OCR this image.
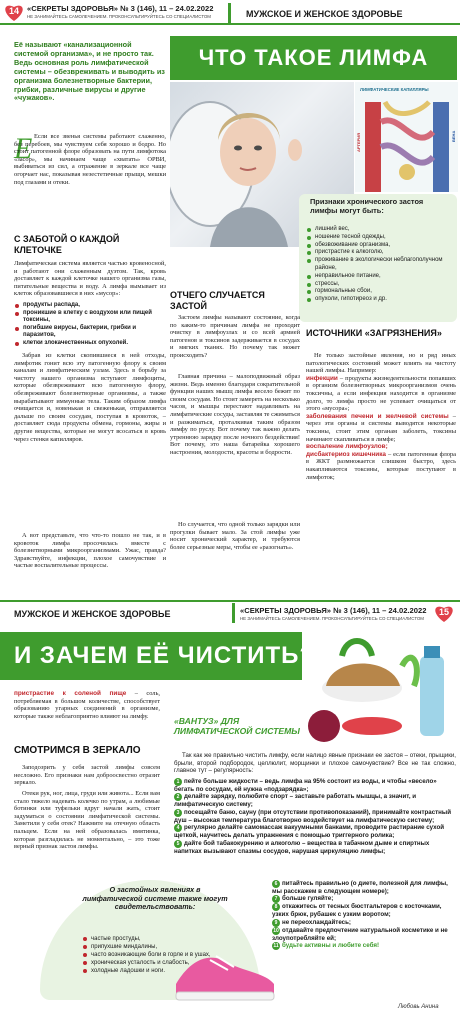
14	«СЕКРЕТЫ ЗДОРОВЬЯ» № 3 (146), 11 – 24.02.2022
НЕ ЗАНИМАЙТЕСЬ САМОЛЕЧЕНИЕМ. ПРОКОНСУЛЬТИРУЙТЕСЬ СО СПЕЦИАЛИСТОМ	МУЖСКОЕ И ЖЕНСКОЕ ЗДОРОВЬЕ
Её называют «канализационной системой организма», и не просто так. Ведь основная роль лимфатической системы – обезвреживать и выводить из организма болезнетворные бактерии, грибки, различные вирусы и другие «чужаков».
ЧТО ТАКОЕ ЛИМФА
ЛИМФАТИЧЕСКИЕ КАПИЛЛЯРЫ
АРТЕРИЯ	ВЕНА
Признаки хронического застоя лимфы могут быть:
лишний вес,
ношение тесной одежды,
обезвоживание организма,
пристрастие к алкоголю,
проживание в экологически неблагополучном районе,
неправильное питание,
стрессы,
гормональные сбои,
опухоли, гипотиреоз и др.
Е Если все звенья системы работают слаженно, без перебоев, мы чувствуем себя хорошо и бодро. Но стоит патогенной флоре образовать на пути лимфотока «засор», мы начинаем чаще «хватать» ОРВИ, выбиваться из сил, а отражение в зеркале все чаще огорчает нас, показывая незестетичные прыщи, мешки под глазами и отеки.
С ЗАБОТОЙ О КАЖДОЙ КЛЕТОЧКЕ
Лимфатическая система является частью кровеносной, и работают они слаженным дуэтом. Так, кровь доставляет к каждой клеточке нашего организма газы, питательные вещества и воду. А лимфа вымывает из клеток образовавшиеся в них «мусор»:
продукты распада,
проникшие в клетку с воздухом или пищей токсины,
погибшие вирусы, бактерии, грибки и паразитов,
клетки злокачественных опухолей.
Забрав из клетки скопившиеся в ней отходы, лимфотик гонит всю эту патогенную флору к своим каналам и лимфатическим узлам. Здесь в борьбу за чистоту нашего организма вступают лимфоциты, которые обезвреживают всю патогенную флору, обезвреживают болезнетворные организмы, а также вырабатывают иммунные тела. Таким образом лимфа очищается и, новенькая и свеженькая, отправляется дальше по своим сосудам, поступая в кровоток, – доставляет сюда продукты обмена, гормоны, жиры и другие вещества, которые не могут всосаться в кровь через стенки капилляров.
А вот представьте, что что-то пошло не так, и в кровоток лимфа просочилась вместе с болезнетворными микроорганизмами. Ужас, правда? Здравствуйте, инфекции, плохое самочувствие и частые воспалительные процессы.
ОТЧЕГО СЛУЧАЕТСЯ ЗАСТОЙ
Застоем лимфы называют состояние, когда по каким-то причинам лимфа не проходит очистку в лимфоузлах и со всей армией патогенов и токсинов задерживается в сосудах и мягких тканях. Но почему так может происходить?
Главная причина – малоподвижный образ жизни. Ведь именно благодаря сократительной функции наших мышц лимфа весело бежит по своим сосудам. Но стоит замереть на несколько часов, и мышцы перестают надавливать на лимфатические сосуды, заставляя те сжиматься и разжиматься, проталкивая таким образом лимфу по руслу. Вот почему так важно делать утреннюю зарядку после ночного бездействия! Вот почему, это наша батарейка хорошего настроения, молодости, красоты и бодрости.
Но случается, что одной только зарядки или прогулки бывает мало. За стой лимфы уже носит хронический характер, и требуются более серьезные меры, чтобы ее «разогнать».
ИСТОЧНИКИ «ЗАГРЯЗНЕНИЯ»
Не только застойные явления, но и ряд иных патологических состояний может влиять на чистоту нашей лимфы. Например:
инфекции – продукты жизнедеятельности попавших в организм болезнетворных микроорганизмов очень токсичны, а если инфекция находится в организме долго, то лимфа просто не успевает очищаться от этого «мусора»;
заболевания печени и желчевой системы – через эти органы и системы выводятся некоторые токсины, стоит этим органам заболеть, токсины начинают скапливаться в лимфе;
воспаление лимфоузлов;
дисбактериоз кишечника – если патогенная флора в ЖКТ размножается слишком быстро, здесь накапливаются токсины, которые поступают в лимфоток;
МУЖСКОЕ И ЖЕНСКОЕ ЗДОРОВЬЕ	«СЕКРЕТЫ ЗДОРОВЬЯ» № 3 (146), 11 – 24.02.2022
НЕ ЗАНИМАЙТЕСЬ САМОЛЕЧЕНИЕМ. ПРОКОНСУЛЬТИРУЙТЕСЬ СО СПЕЦИАЛИСТОМ
15
И ЗАЧЕМ ЕЁ ЧИСТИТЬ?
пристрастие к соленой пище – соль, потребляемая в большом количестве, способствует образованию угарных соединений в организме, которые также неблагоприятно влияют на лимфу.
СМОТРИМСЯ В ЗЕРКАЛО
Заподозрить у себя застой лимфы совсем несложно. Его признаки нам доброосвестно отразит зеркало.
Отеки рук, ног, лица, груди или живота... Если вам стало тяжело надевать колечко по утрам, а любимые ботинки или туфельки вдруг начали жать, стоит задуматься о состоянии лимфатической системы. Заметили у себя отек? Нажмите на отечную область пальцем. Если на ней образовалась вмятинка, которая разгладилась не моментально, – это тоже верный признак застоя лимфы.
О застойных явлениях в лимфатической системе также могут свидетельствовать:
частые простуды,
припухшие миндалины,
часто возникающие боли в горле и в ушах,
хроническая усталость и слабость,
холодные ладошки и ноги.
«ВАНТУЗ» ДЛЯ ЛИМФАТИЧЕСКОЙ СИСТЕМЫ
Так как же правильно чистить лимфу, если налицо явные признаки ее застоя – отеки, прыщики, брыли, второй подбородок, целлюлит, морщинки и плохое самочувствие? Все не так сложно, главное тут – регулярность:
1 пейте больше жидкости – ведь лимфа на 95% состоит из воды, и чтобы «весело» бегать по сосудам, ей нужна «подзарядка»;
2 делайте зарядку, полюбите спорт – заставьте работать мышцы, а значит, и лимфатическую систему;
3 посещайте баню, сауну (при отсутствии противопоказаний), принимайте контрастный душ – высокая температура благотворно воздействует на лимфатическую систему;
4 регулярно делайте самомассаж вакуумными банками, проводите растирание сухой щеткой, научитесь делать упражнения с помощью триггерного ролика;
5 дайте бой табакокурению и алкоголю – вещества в табачном дыме и спиртных напитках вызывают спазмы сосудов, нарушая циркуляцию лимфы;
6 питайтесь правильно (о диете, полезной для лимфы, мы расскажем в следующем номере);
7 больше гуляйте;
8 откажитесь от тесных бюстгальтеров с косточками, узких брюк, рубашек с узким воротом;
9 не переохлаждайтесь;
10 отдавайте предпочтение натуральной косметике и не злоупотребляйте ей;
11 будьте активны и любите себя!
Любовь Анина
